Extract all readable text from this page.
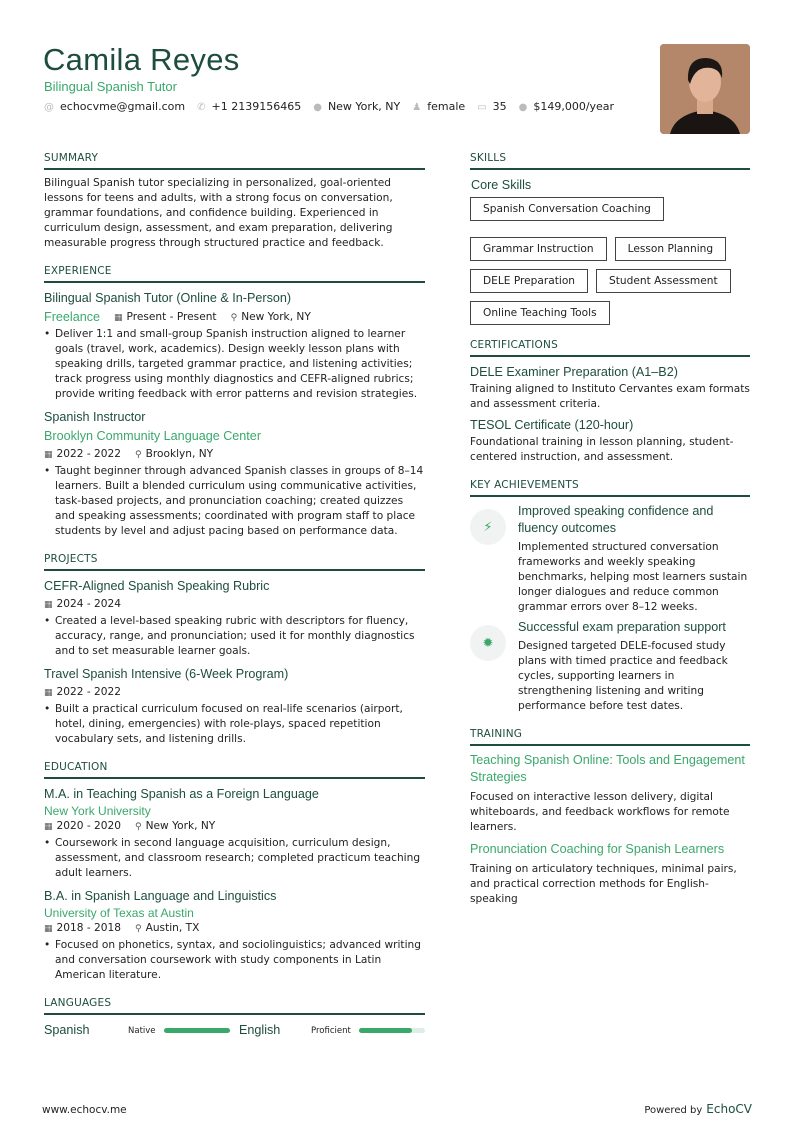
Camila Reyes
Bilingual Spanish Tutor
@ echocvme@gmail.com ✆ +1 2139156465 ● New York, NY ♟ female ▭ 35 ● $149,000/year
SUMMARY
Bilingual Spanish tutor specializing in personalized, goal-oriented lessons for teens and adults, with a strong focus on conversation, grammar foundations, and confidence building. Experienced in curriculum design, assessment, and exam preparation, delivering measurable progress through structured practice and feedback.
EXPERIENCE
Bilingual Spanish Tutor (Online & In-Person)
Freelance ▦ Present - Present ⚲ New York, NY
• Deliver 1:1 and small-group Spanish instruction aligned to learner goals (travel, work, academics). Design weekly lesson plans with speaking drills, targeted grammar practice, and listening activities; track progress using monthly diagnostics and CEFR-aligned rubrics; provide writing feedback with error patterns and revision strategies.
Spanish Instructor
Brooklyn Community Language Center
▦ 2022 - 2022 ⚲ Brooklyn, NY
• Taught beginner through advanced Spanish classes in groups of 8–14 learners. Built a blended curriculum using communicative activities, task-based projects, and pronunciation coaching; created quizzes and speaking assessments; coordinated with program staff to place students by level and adjust pacing based on performance data.
PROJECTS
CEFR-Aligned Spanish Speaking Rubric
▦ 2024 - 2024
• Created a level-based speaking rubric with descriptors for fluency, accuracy, range, and pronunciation; used it for monthly diagnostics and to set measurable learner goals.
Travel Spanish Intensive (6-Week Program)
▦ 2022 - 2022
• Built a practical curriculum focused on real-life scenarios (airport, hotel, dining, emergencies) with role-plays, spaced repetition vocabulary sets, and listening drills.
EDUCATION
M.A. in Teaching Spanish as a Foreign Language
New York University
▦ 2020 - 2020 ⚲ New York, NY
• Coursework in second language acquisition, curriculum design, assessment, and classroom research; completed practicum teaching adult learners.
B.A. in Spanish Language and Linguistics
University of Texas at Austin
▦ 2018 - 2018 ⚲ Austin, TX
• Focused on phonetics, syntax, and sociolinguistics; advanced writing and conversation coursework with study components in Latin American literature.
LANGUAGES
Spanish	Native	English	Proficient
SKILLS
Core Skills
Spanish Conversation Coaching
Grammar Instruction	Lesson Planning
DELE Preparation	Student Assessment
Online Teaching Tools
CERTIFICATIONS
DELE Examiner Preparation (A1–B2)
Training aligned to Instituto Cervantes exam formats and assessment criteria.
TESOL Certificate (120-hour)
Foundational training in lesson planning, student-centered instruction, and assessment.
KEY ACHIEVEMENTS
⚡
Improved speaking confidence and fluency outcomes
Implemented structured conversation frameworks and weekly speaking benchmarks, helping most learners sustain longer dialogues and reduce common grammar errors over 8–12 weeks.
✹
Successful exam preparation support
Designed targeted DELE-focused study plans with timed practice and feedback cycles, supporting learners in strengthening listening and writing performance before test dates.
TRAINING
Teaching Spanish Online: Tools and Engagement Strategies
Focused on interactive lesson delivery, digital whiteboards, and feedback workflows for remote learners.
Pronunciation Coaching for Spanish Learners
Training on articulatory techniques, minimal pairs, and practical correction methods for English-speaking
www.echocv.me	Powered by EchoCV
